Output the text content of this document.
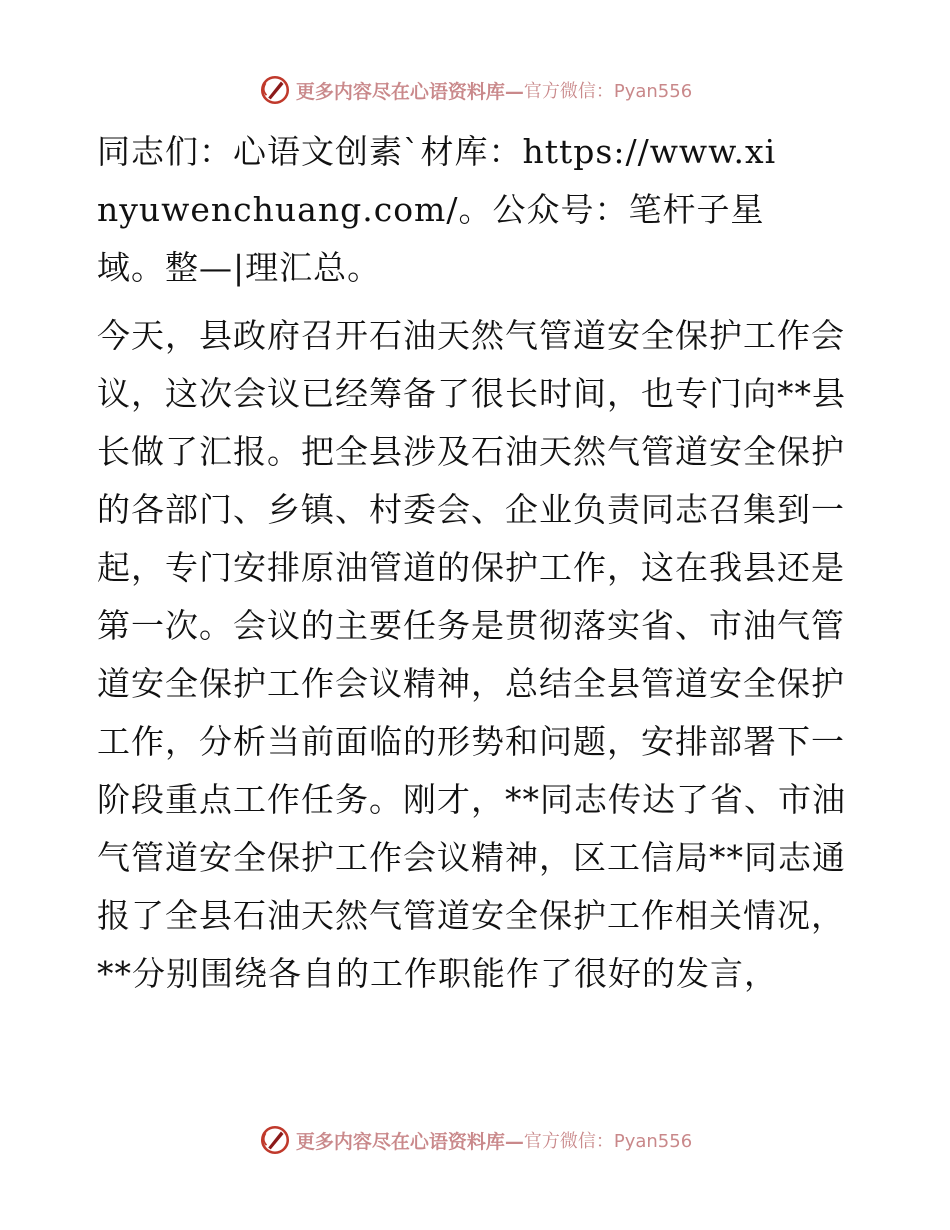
更多内容尽在心语资料库— 官方微信：Pyan556

同志们：心语文创素`材库：https://www.xinyuwenchuang.com/。公众号：笔杆子星域。整—|理汇总。

今天，县政府召开石油天然气管道安全保护工作会议，这次会议已经筹备了很长时间，也专门向**县长做了汇报。把全县涉及石油天然气管道安全保护的各部门、乡镇、村委会、企业负责同志召集到一起，专门安排原油管道的保护工作，这在我县还是第一次。会议的主要任务是贯彻落实省、市油气管道安全保护工作会议精神，总结全县管道安全保护工作，分析当前面临的形势和问题，安排部署下一阶段重点工作任务。刚才，**同志传达了省、市油气管道安全保护工作会议精神，区工信局**同志通报了全县石油天然气管道安全保护工作相关情况，**分别围绕各自的工作职能作了很好的发言，

更多内容尽在心语资料库— 官方微信：Pyan556
